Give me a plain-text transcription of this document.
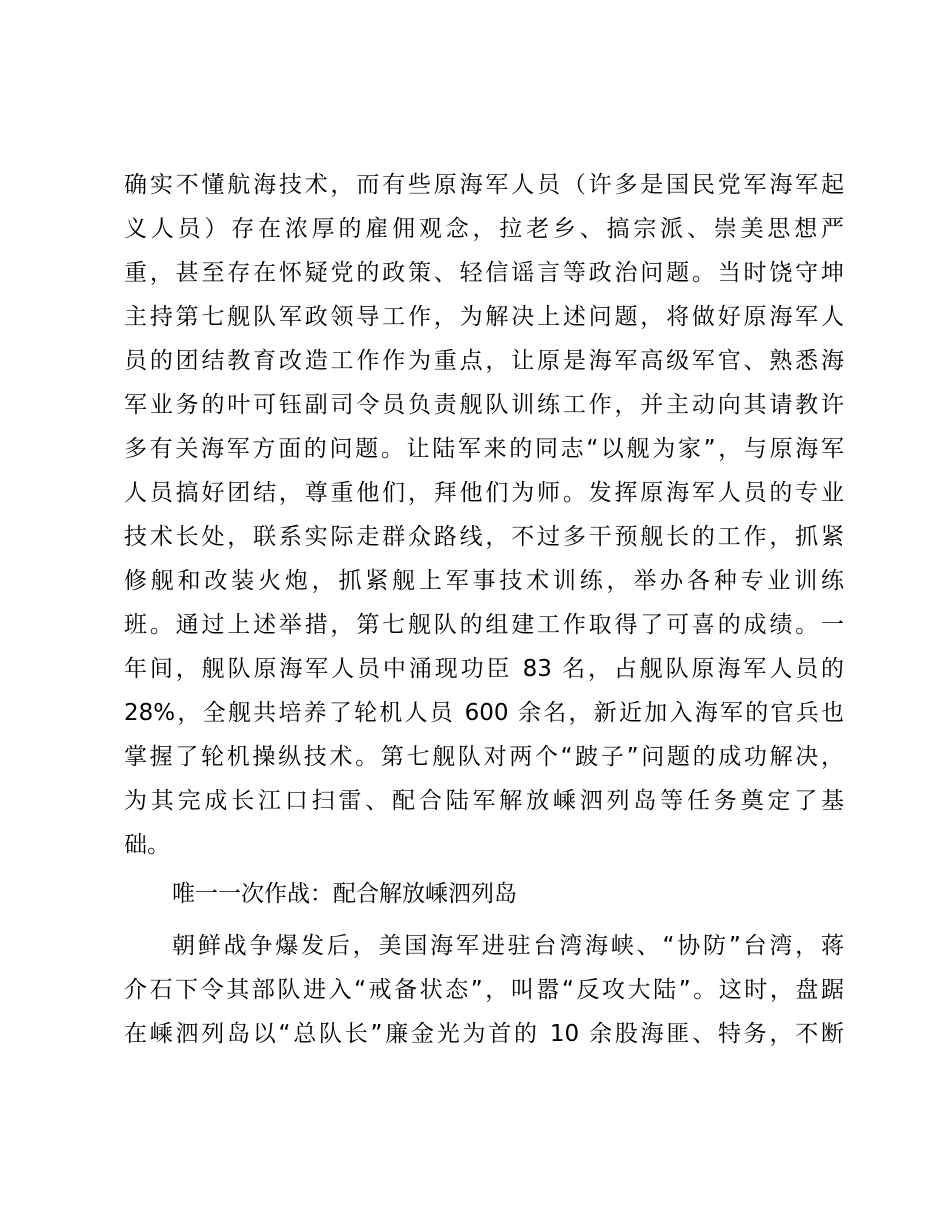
确实不懂航海技术，而有些原海军人员（许多是国民党军海军起
义人员）存在浓厚的雇佣观念，拉老乡、搞宗派、崇美思想严
重，甚至存在怀疑党的政策、轻信谣言等政治问题。当时饶守坤
主持第七舰队军政领导工作，为解决上述问题，将做好原海军人
员的团结教育改造工作作为重点，让原是海军高级军官、熟悉海
军业务的叶可钰副司令员负责舰队训练工作，并主动向其请教许
多有关海军方面的问题。让陆军来的同志“以舰为家”，与原海军
人员搞好团结，尊重他们，拜他们为师。发挥原海军人员的专业
技术长处，联系实际走群众路线，不过多干预舰长的工作，抓紧
修舰和改装火炮，抓紧舰上军事技术训练，举办各种专业训练
班。通过上述举措，第七舰队的组建工作取得了可喜的成绩。一
年间，舰队原海军人员中涌现功臣 83 名，占舰队原海军人员的
28%，全舰共培养了轮机人员 600 余名，新近加入海军的官兵也
掌握了轮机操纵技术。第七舰队对两个“跛子”问题的成功解决，
为其完成长江口扫雷、配合陆军解放嵊泗列岛等任务奠定了基
础。
唯一一次作战：配合解放嵊泗列岛
朝鲜战争爆发后，美国海军进驻台湾海峡、“协防”台湾，蒋
介石下令其部队进入“戒备状态”，叫嚣“反攻大陆”。这时，盘踞
在嵊泗列岛以“总队长”廉金光为首的 10 余股海匪、特务，不断
